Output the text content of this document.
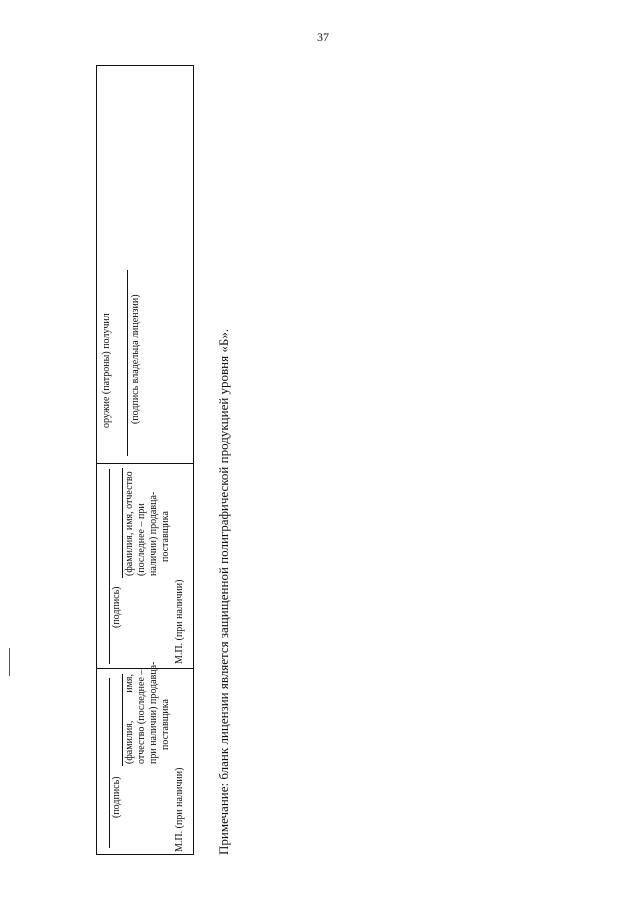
37
(подпись)
(фамилия,
имя, отчество (последнее – при наличии) продавца- поставщика
М.П. (при наличии)
(подпись)
(фамилия, имя, отчество (последнее – при наличии) продавца- поставщика
М.П. (при наличии)
оружие (патроны) получил (подпись владельца лицензии)	Примечание: бланк лицензии является защищенной полиграфической продукцией уровня «Б».
